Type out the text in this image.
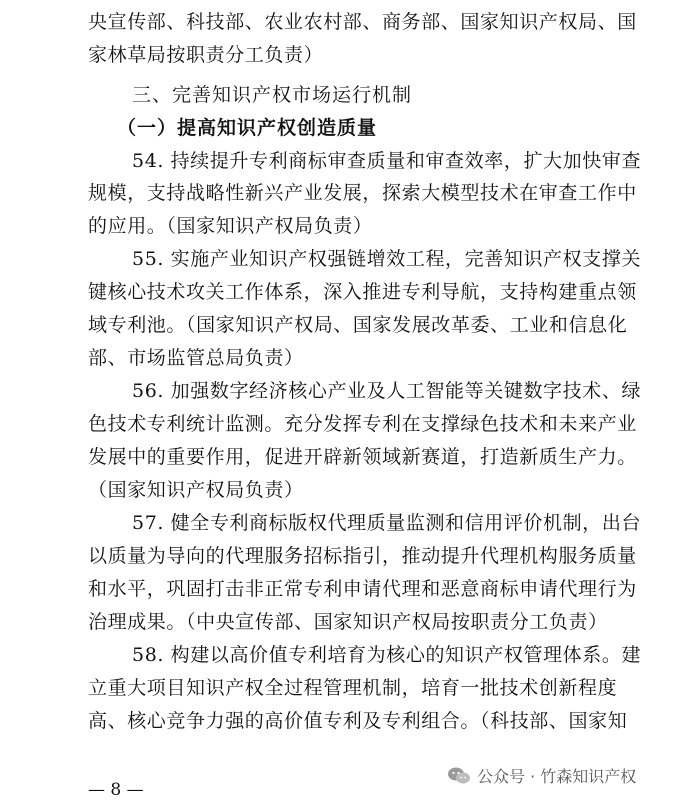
央宣传部、科技部、农业农村部、商务部、国家知识产权局、国
家林草局按职责分工负责）
三、完善知识产权市场运行机制
（一）提高知识产权创造质量
54. 持续提升专利商标审查质量和审查效率，扩大加快审查
规模，支持战略性新兴产业发展，探索大模型技术在审查工作中
的应用。（国家知识产权局负责）
55. 实施产业知识产权强链增效工程，完善知识产权支撑关
键核心技术攻关工作体系，深入推进专利导航，支持构建重点领
域专利池。（国家知识产权局、国家发展改革委、工业和信息化
部、市场监管总局负责）
56. 加强数字经济核心产业及人工智能等关键数字技术、绿
色技术专利统计监测。充分发挥专利在支撑绿色技术和未来产业
发展中的重要作用，促进开辟新领域新赛道，打造新质生产力。
（国家知识产权局负责）
57. 健全专利商标版权代理质量监测和信用评价机制，出台
以质量为导向的代理服务招标指引，推动提升代理机构服务质量
和水平，巩固打击非正常专利申请代理和恶意商标申请代理行为
治理成果。（中央宣传部、国家知识产权局按职责分工负责）
58. 构建以高价值专利培育为核心的知识产权管理体系。建
立重大项目知识产权全过程管理机制，培育一批技术创新程度
高、核心竞争力强的高价值专利及专利组合。（科技部、国家知
— 8 —
公众号 · 竹森知识产权
